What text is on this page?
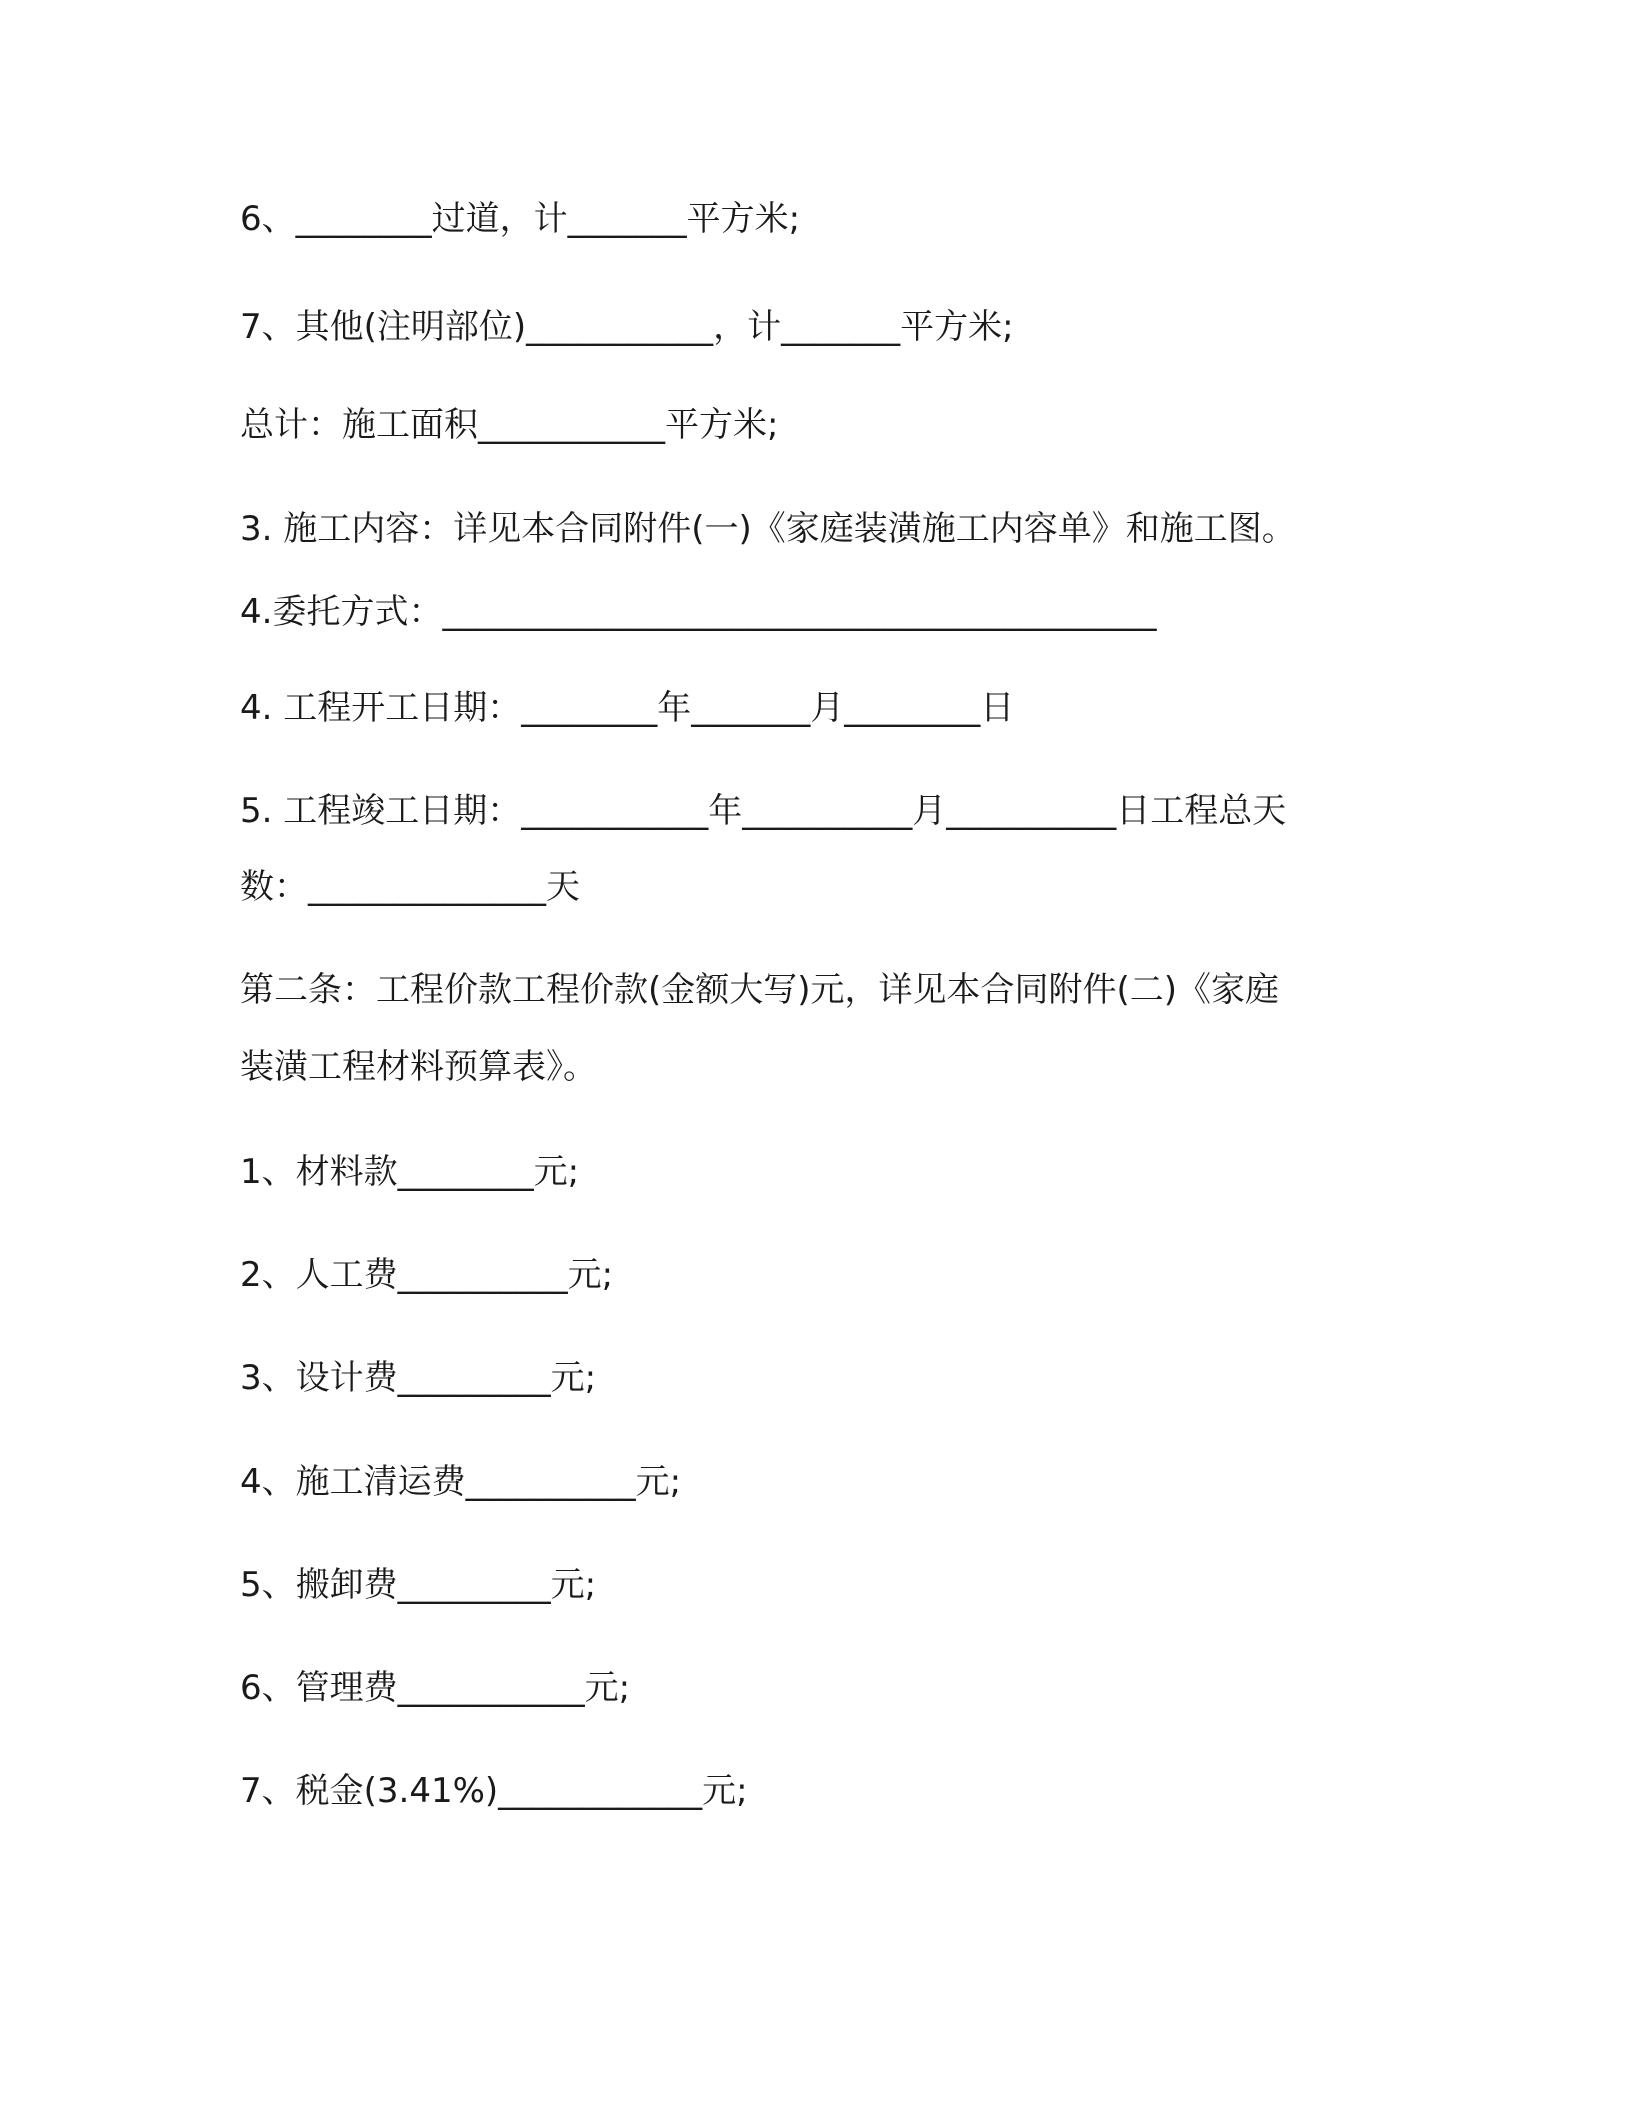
6、________过道，计_______平方米;
7、其他(注明部位)___________，计_______平方米;
总计：施工面积___________平方米;
3. 施工内容：详见本合同附件(一)《家庭装潢施工内容单》和施工图。
4.委托方式：__________________________________________
4. 工程开工日期：________年_______月________日
5. 工程竣工日期：___________年__________月__________日工程总天
数：______________天
第二条：工程价款工程价款(金额大写)元，详见本合同附件(二)《家庭
装潢工程材料预算表》。
1、材料款________元;
2、人工费__________元;
3、设计费_________元;
4、施工清运费__________元;
5、搬卸费_________元;
6、管理费___________元;
7、税金(3.41%)____________元;
